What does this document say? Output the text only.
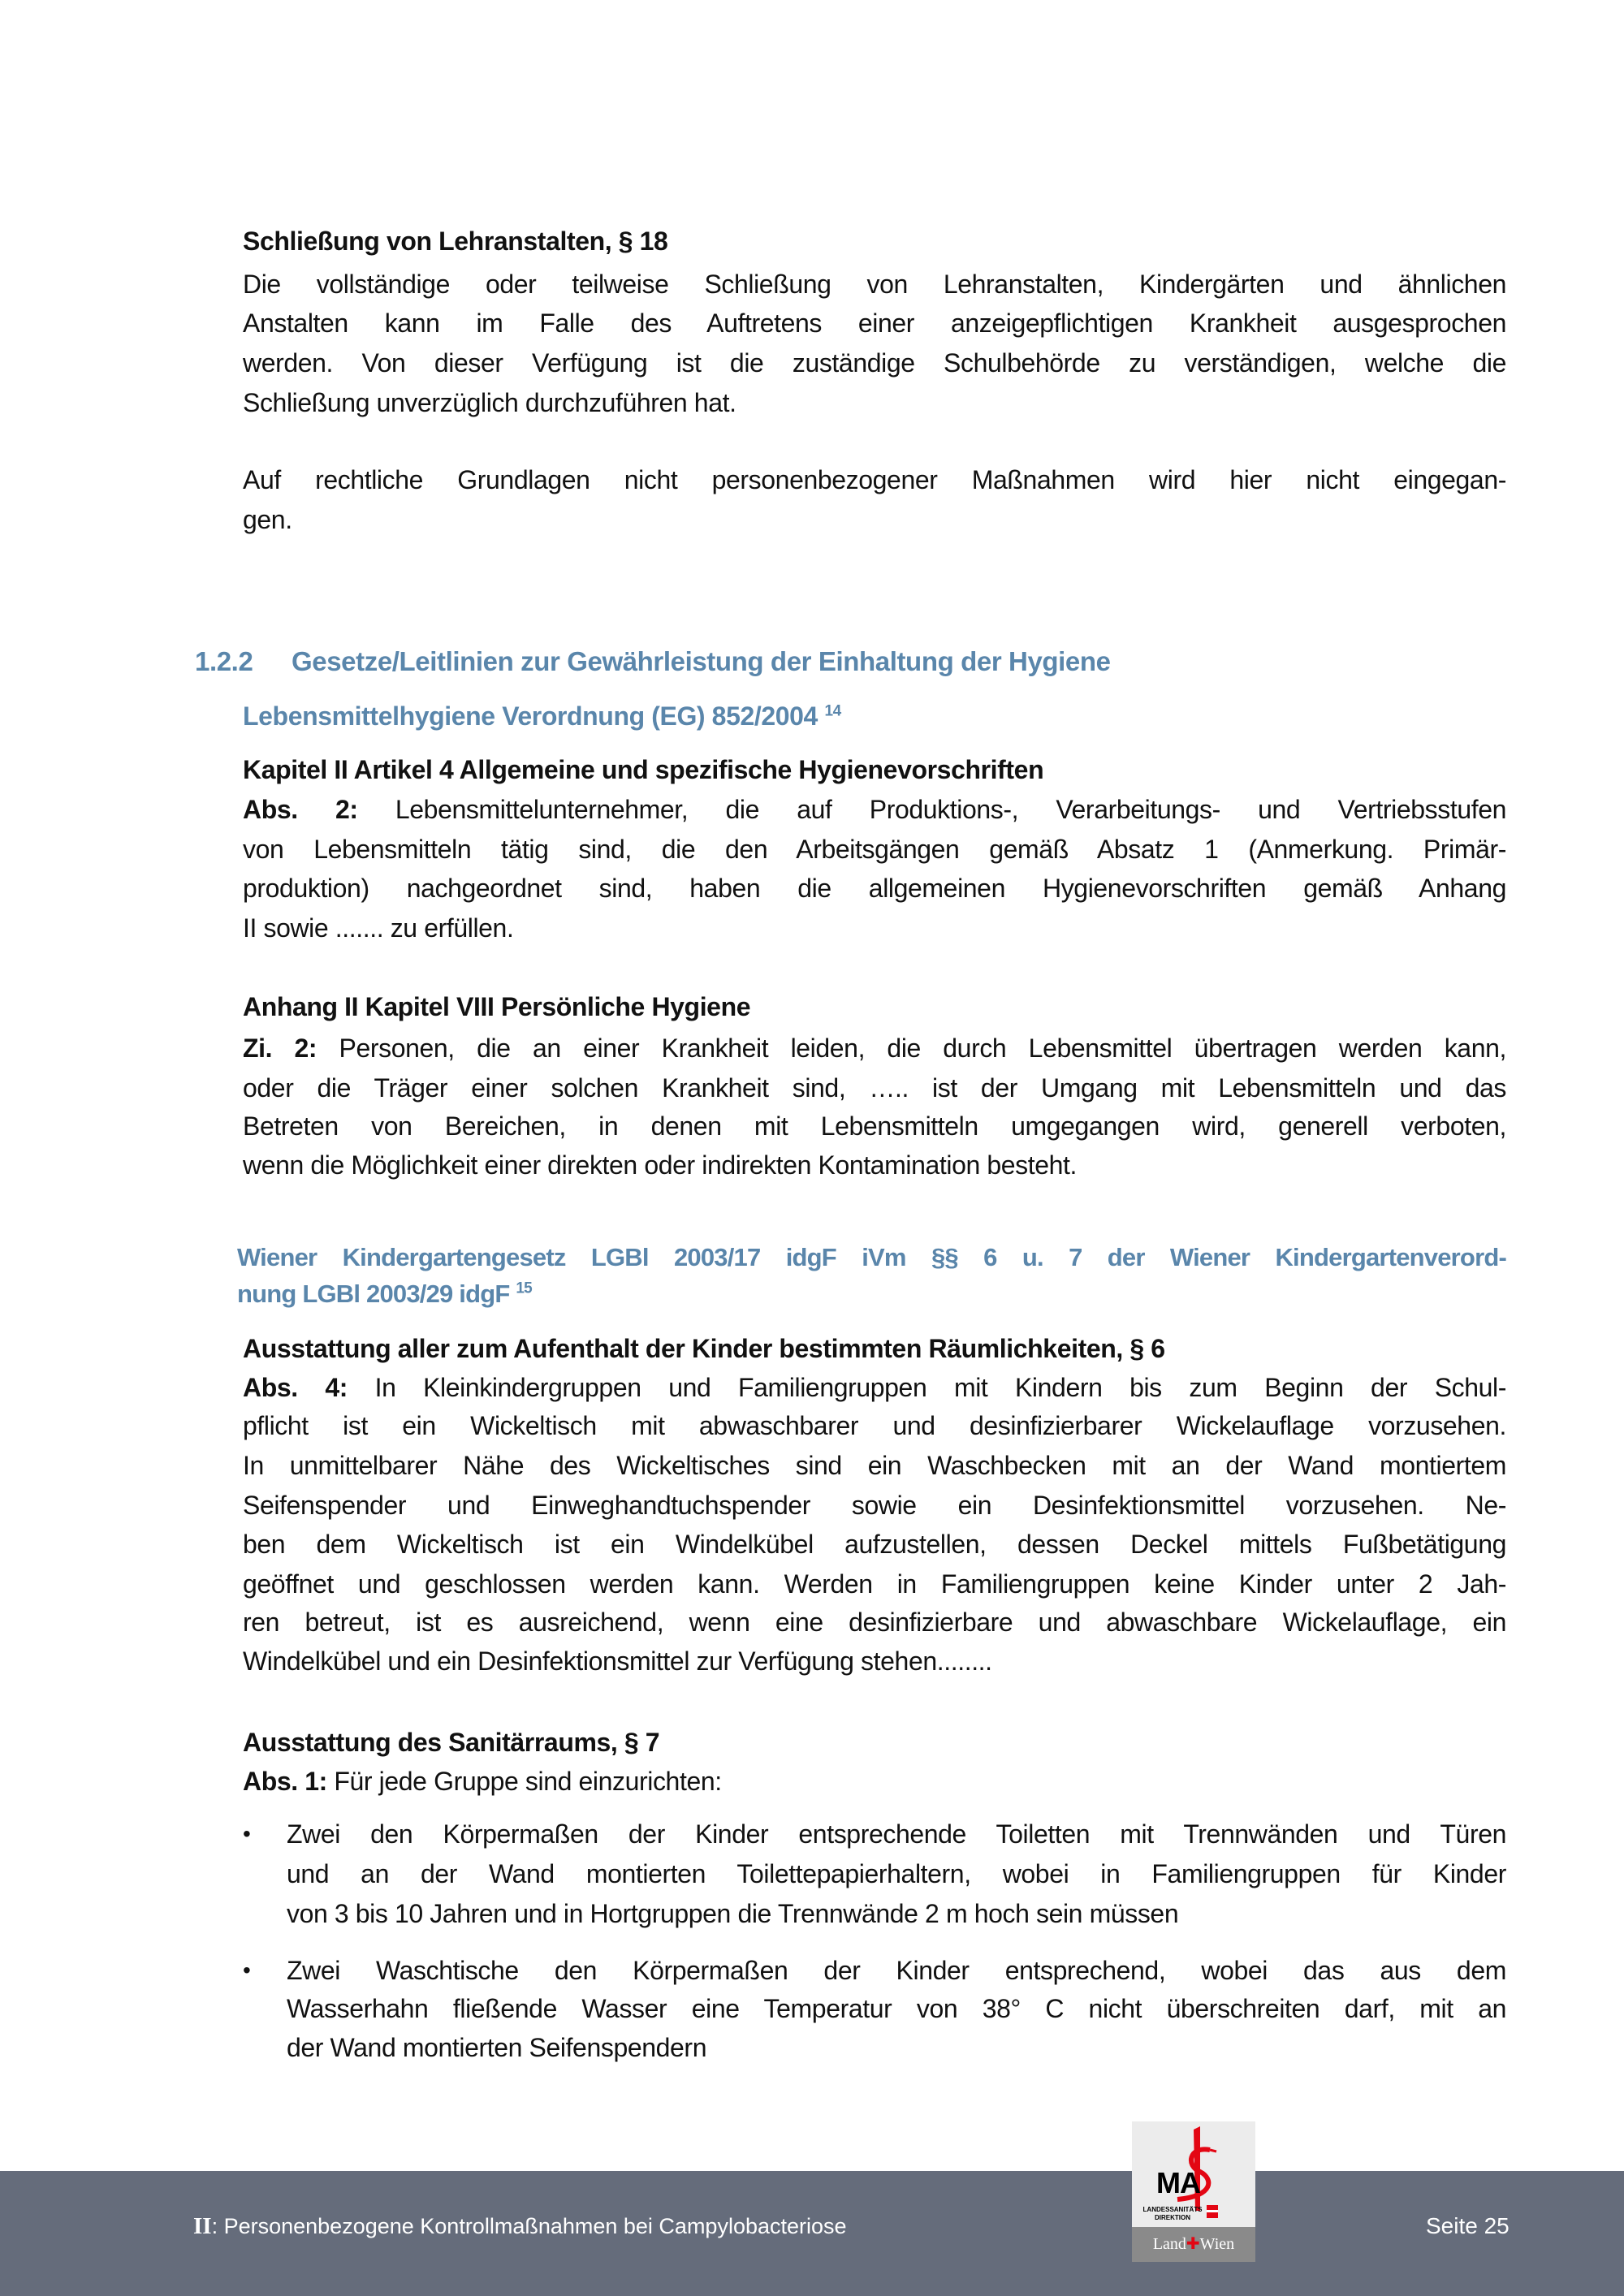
Schließung von Lehranstalten, § 18
Die vollständige oder teilweise Schließung von Lehranstalten, Kindergärten und ähnlichen
Anstalten kann im Falle des Auftretens einer anzeigepflichtigen Krankheit ausgesprochen
werden. Von dieser Verfügung ist die zuständige Schulbehörde zu verständigen, welche die
Schließung unverzüglich durchzuführen hat.
Auf rechtliche Grundlagen nicht personenbezogener Maßnahmen wird hier nicht eingegan-
gen.
1.2.2	Gesetze/Leitlinien zur Gewährleistung der Einhaltung der Hygiene
Lebensmittelhygiene Verordnung (EG) 852/2004 $^{14}$
Kapitel II Artikel 4 Allgemeine und spezifische Hygienevorschriften
Abs. 2: Lebensmittelunternehmer, die auf Produktions-, Verarbeitungs- und Vertriebsstufen
von Lebensmitteln tätig sind, die den Arbeitsgängen gemäß Absatz 1 (Anmerkung. Primär-
produktion) nachgeordnet sind, haben die allgemeinen Hygienevorschriften gemäß Anhang
II sowie ....... zu erfüllen.
Anhang II Kapitel VIII Persönliche Hygiene
Zi. 2: Personen, die an einer Krankheit leiden, die durch Lebensmittel übertragen werden kann,
oder die Träger einer solchen Krankheit sind, ….. ist der Umgang mit Lebensmitteln und das
Betreten von Bereichen, in denen mit Lebensmitteln umgegangen wird, generell verboten,
wenn die Möglichkeit einer direkten oder indirekten Kontamination besteht.
Wiener Kindergartengesetz LGBl 2003/17 idgF iVm §§ 6 u. 7 der Wiener Kindergartenverord-
nung LGBl 2003/29 idgF $^{15}$
Ausstattung aller zum Aufenthalt der Kinder bestimmten Räumlichkeiten, § 6
Abs. 4: In Kleinkindergruppen und Familiengruppen mit Kindern bis zum Beginn der Schul-
pflicht ist ein Wickeltisch mit abwaschbarer und desinfizierbarer Wickelauflage vorzusehen.
In unmittelbarer Nähe des Wickeltisches sind ein Waschbecken mit an der Wand montiertem
Seifenspender und Einweghandtuchspender sowie ein Desinfektionsmittel vorzusehen. Ne-
ben dem Wickeltisch ist ein Windelkübel aufzustellen, dessen Deckel mittels Fußbetätigung
geöffnet und geschlossen werden kann. Werden in Familiengruppen keine Kinder unter 2 Jah-
ren betreut, ist es ausreichend, wenn eine desinfizierbare und abwaschbare Wickelauflage, ein
Windelkübel und ein Desinfektionsmittel zur Verfügung stehen........
Ausstattung des Sanitärraums, § 7
Abs. 1: Für jede Gruppe sind einzurichten:
• Zwei den Körpermaßen der Kinder entsprechende Toiletten mit Trennwänden und Türen
und an der Wand montierten Toilettepapierhaltern, wobei in Familiengruppen für Kinder
von 3 bis 10 Jahren und in Hortgruppen die Trennwände 2 m hoch sein müssen
• Zwei Waschtische den Körpermaßen der Kinder entsprechend, wobei das aus dem
Wasserhahn fließende Wasser eine Temperatur von 38° C nicht überschreiten darf, mit an
der Wand montierten Seifenspendern
II: Personenbezogene Kontrollmaßnahmen bei Campylobacteriose	Seite 25
MA
LANDESSANITÄTS
DIREKTION
Land✚Wien
